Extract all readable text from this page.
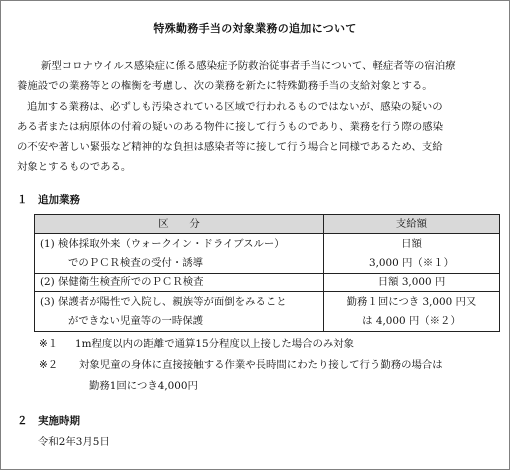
特殊勤務手当の対象業務の追加について
新型コロナウイルス感染症に係る感染症予防救治従事者手当について、軽症者等の宿泊療
養施設での業務等との権衡を考慮し、次の業務を新たに特殊勤務手当の支給対象とする。
追加する業務は、必ずしも汚染されている区域で行われるものではないが、感染の疑いの
ある者または病原体の付着の疑いのある物件に接して行うものであり、業務を行う際の感染
の不安や著しい緊張など精神的な負担は感染者等に接して行う場合と同様であるため、支給
対象とするものである。
１ 追加業務
区　　分	支給額

(1) 検体採取外来（ウォークイン・ドライブスルー）
でのＰＣＲ検査の受付・誘導	日額
3,000 円（※１）

(2) 保健衛生検査所でのＰＣＲ検査	日額 3,000 円

(3) 保護者が陽性で入院し、親族等が面倒をみること
ができない児童等の一時保護	勤務１回につき 3,000 円又
は 4,000 円（※２）
※１ 1m程度以内の距離で通算15分程度以上接した場合のみ対象
※２ 対象児童の身体に直接接触する作業や長時間にわたり接して行う勤務の場合は
勤務1回につき4,000円
２ 実施時期
令和2年3月5日
